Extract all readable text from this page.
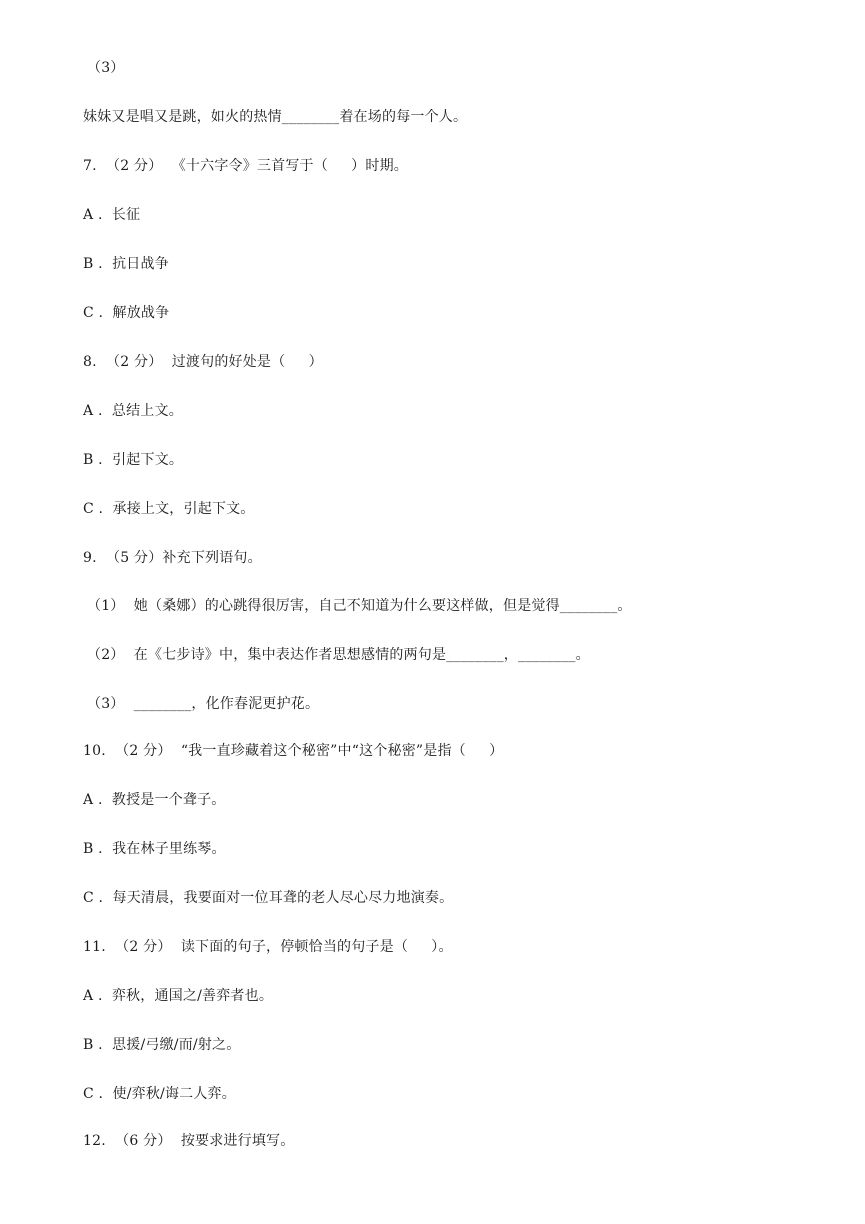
（3）
妹妹又是唱又是跳，如火的热情________着在场的每一个人。
7.  （2 分）  《十六字令》三首写于（     ）时期。
A .  长征
B .  抗日战争
C .  解放战争
8.  （2 分）  过渡句的好处是（     ）
A .  总结上文。
B .  引起下文。
C .  承接上文，引起下文。
9.  （5 分）补充下列语句。
（1）  她（桑娜）的心跳得很厉害，自己不知道为什么要这样做，但是觉得________。
（2）  在《七步诗》中，集中表达作者思想感情的两句是________，________。
（3）  ________，化作春泥更护花。
10.  （2 分）  “我一直珍藏着这个秘密”中“这个秘密”是指（     ）
A .  教授是一个聋子。
B .  我在林子里练琴。
C .  每天清晨，我要面对一位耳聋的老人尽心尽力地演奏。
11.  （2 分）  读下面的句子，停顿恰当的句子是（     ）。
A .  弈秋，通国之/善弈者也。
B .  思援/弓缴/而/射之。
C .  使/弈秋/诲二人弈。
12.  （6 分）  按要求进行填写。
